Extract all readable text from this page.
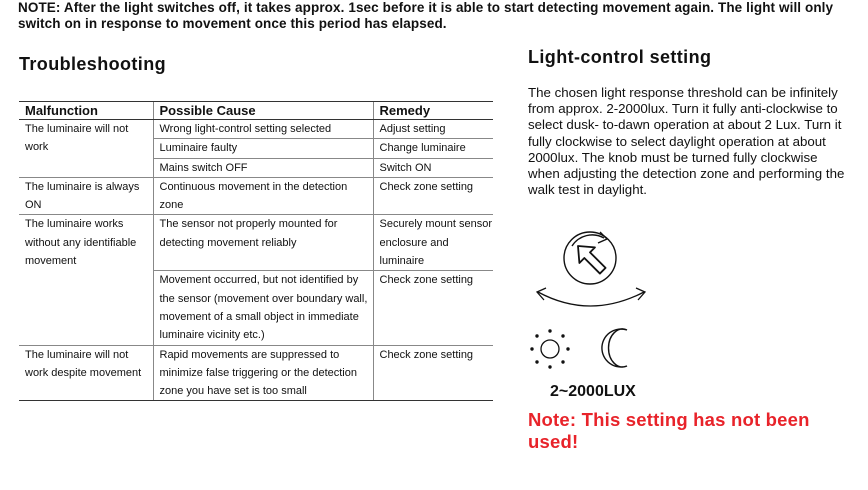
NOTE: After the light switches off, it takes approx. 1sec before it is able to start detecting movement again. The light will only switch on in response to movement once this period has elapsed.
Troubleshooting
Malfunction	Possible Cause	Remedy
The luminaire will not work	Wrong light-control setting selected	Adjust setting
	Luminaire faulty	Change luminaire
	Mains switch OFF	Switch ON
The luminaire is always ON	Continuous movement in the detection zone	Check zone setting
The luminaire works without any identifiable movement	The sensor not properly mounted for detecting movement reliably	Securely mount sensor enclosure and luminaire
	Movement occurred, but not identified by the sensor (movement over boundary wall, movement of a small object in immediate luminaire vicinity etc.)	Check zone setting
The luminaire will not work despite movement	Rapid movements are suppressed to minimize false triggering or the detection zone you have set is too small	Check zone setting
Light-control setting
The chosen light response threshold can be infinitely from approx. 2-2000lux. Turn it fully anti-clockwise to select dusk- to-dawn operation at about 2 Lux. Turn it fully clockwise to select daylight operation at about 2000lux. The knob must be turned fully clockwise when adjusting the detection zone and performing the walk test in daylight.
2~2000LUX
Note: This setting has not been used!
